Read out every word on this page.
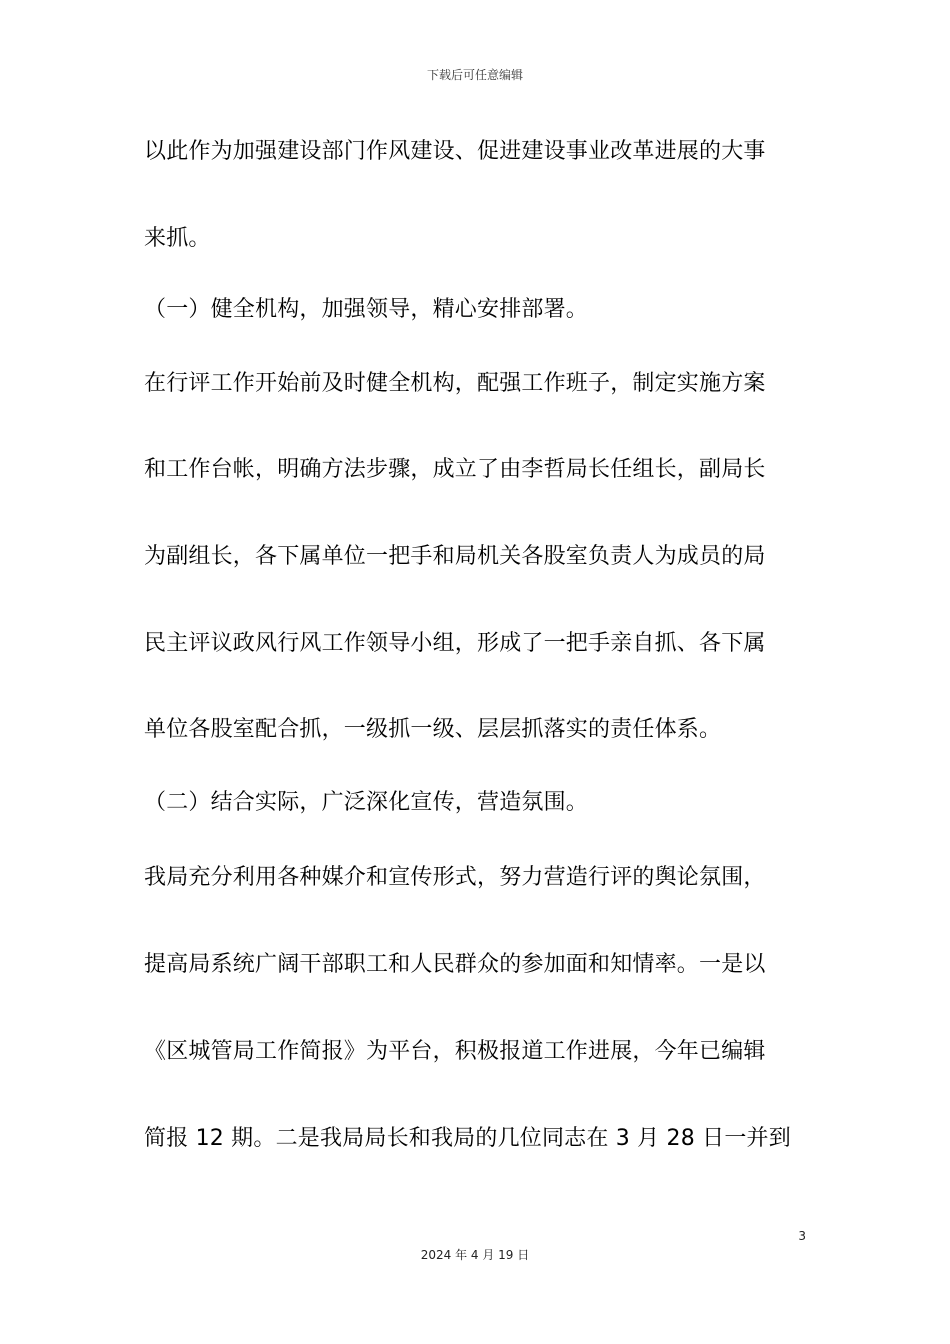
下载后可任意编辑
以此作为加强建设部门作风建设、促进建设事业改革进展的大事
来抓。
（一）健全机构，加强领导，精心安排部署。
在行评工作开始前及时健全机构，配强工作班子，制定实施方案
和工作台帐，明确方法步骤，成立了由李哲局长任组长，副局长
为副组长，各下属单位一把手和局机关各股室负责人为成员的局
民主评议政风行风工作领导小组，形成了一把手亲自抓、各下属
单位各股室配合抓，一级抓一级、层层抓落实的责任体系。
（二）结合实际，广泛深化宣传，营造氛围。
我局充分利用各种媒介和宣传形式，努力营造行评的舆论氛围，
提高局系统广阔干部职工和人民群众的参加面和知情率。一是以
《区城管局工作简报》为平台，积极报道工作进展，今年已编辑
简报 12 期。二是我局局长和我局的几位同志在 3 月 28 日一并到
3
2024 年 4 月 19 日
